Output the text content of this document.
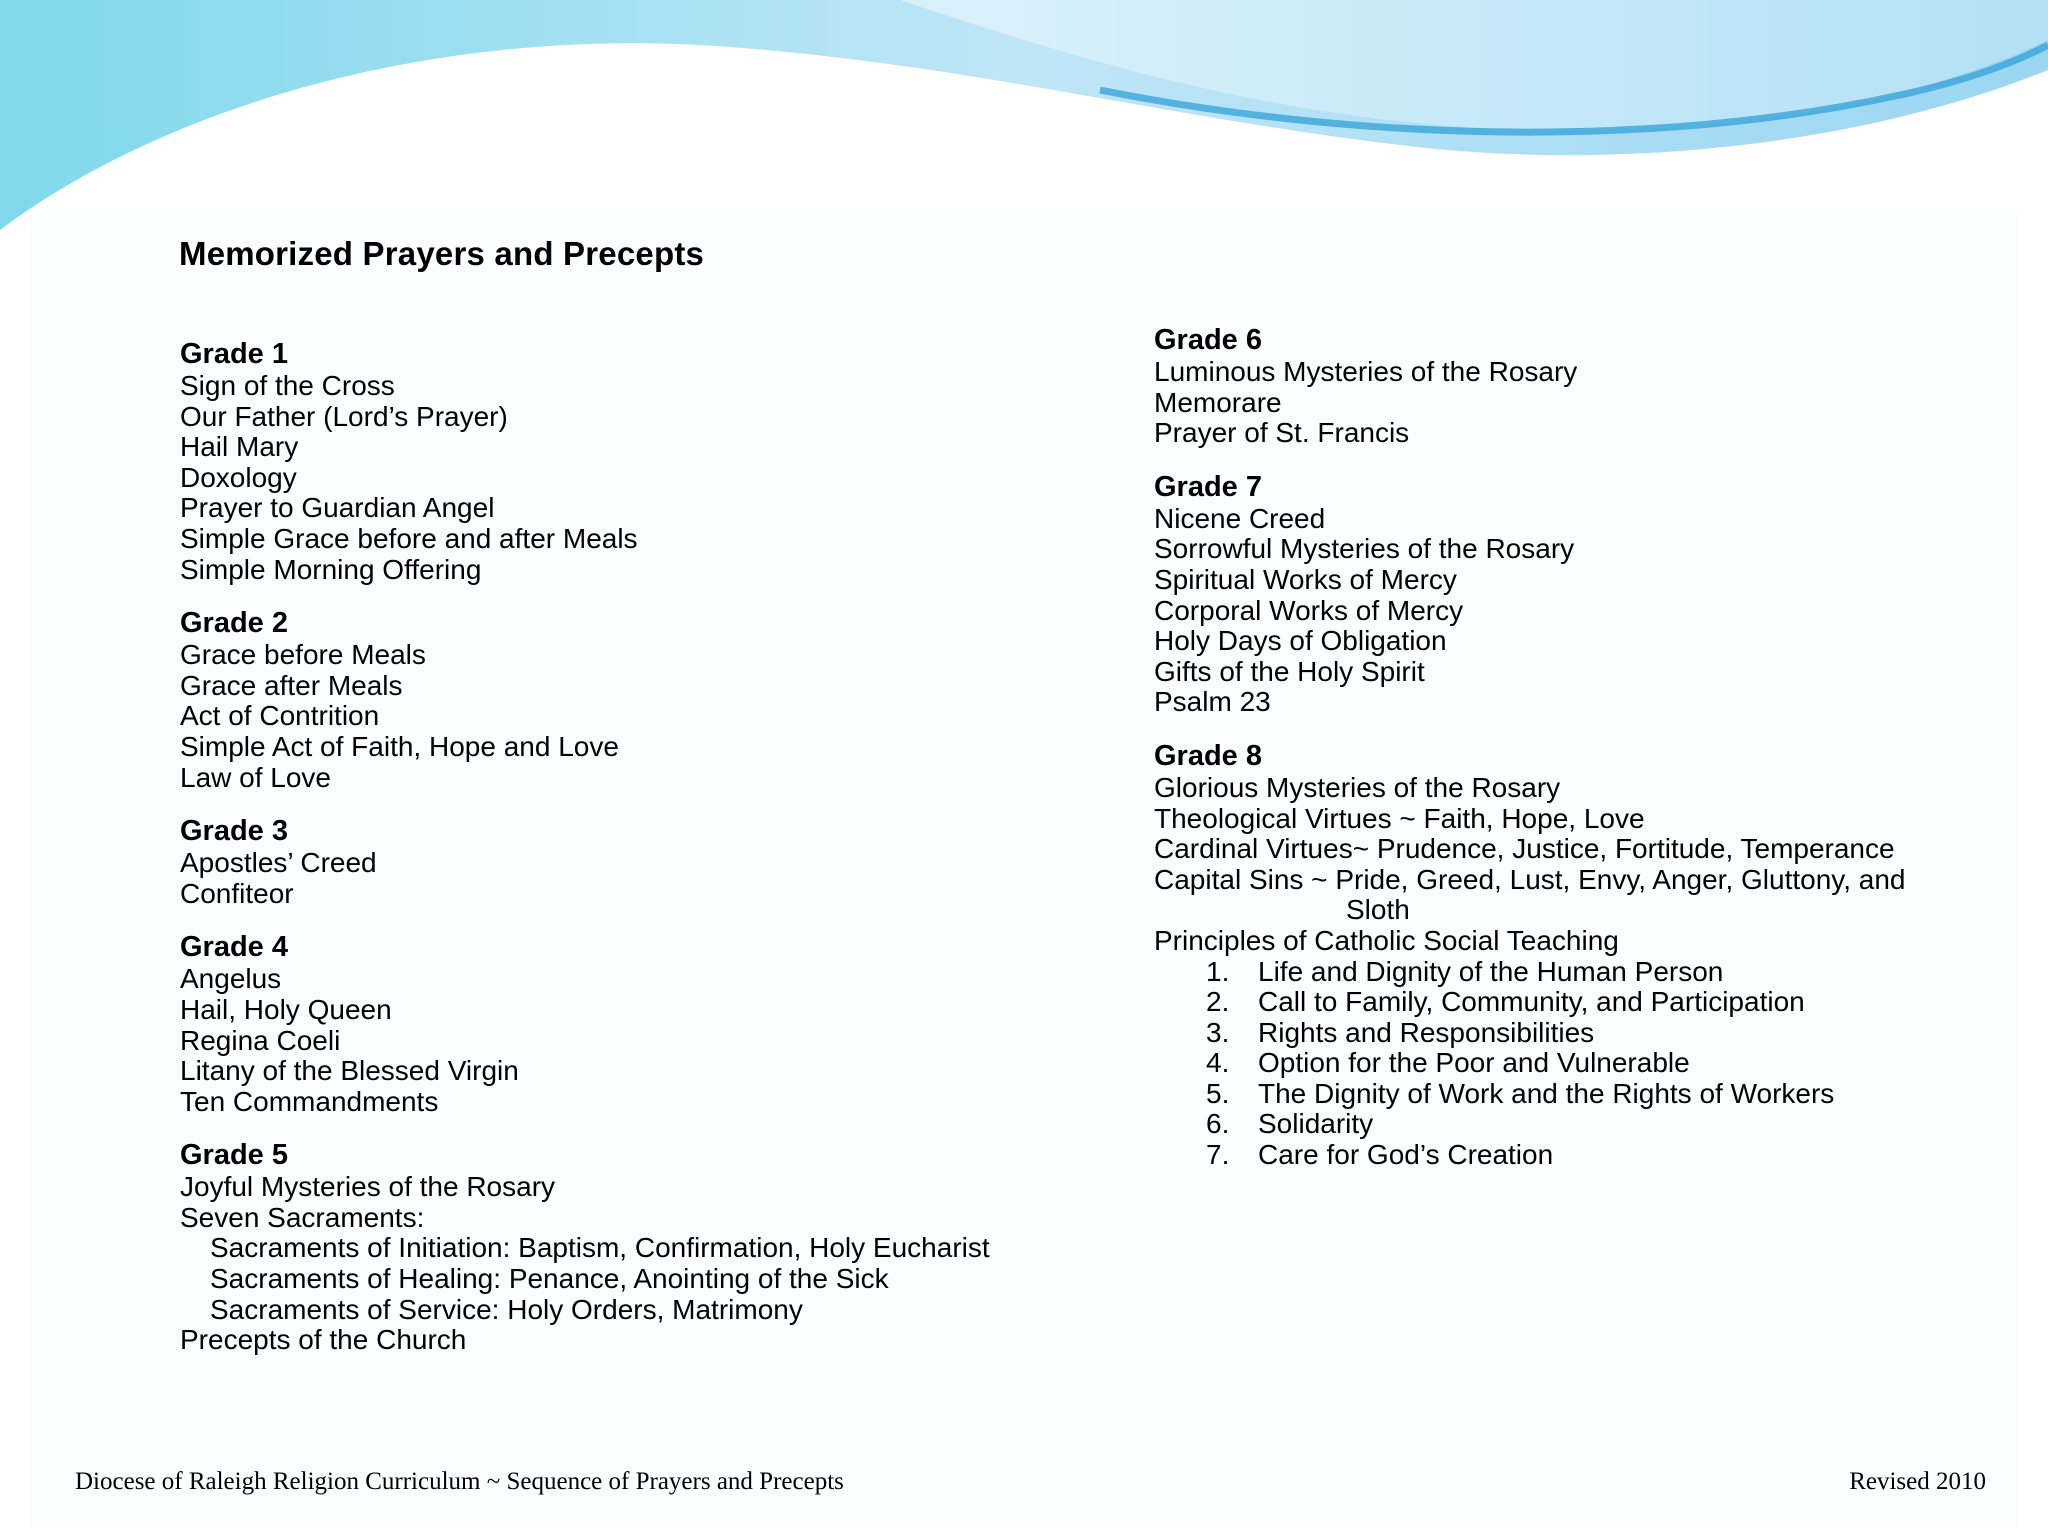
Memorized Prayers and Precepts
Grade 1
Sign of the Cross
Our Father (Lord’s Prayer)
Hail Mary
Doxology
Prayer to Guardian Angel
Simple Grace before and after Meals
Simple Morning Offering
Grade 2
Grace before Meals
Grace after Meals
Act of Contrition
Simple Act of Faith, Hope and Love
Law of Love
Grade 3
Apostles’ Creed
Confiteor
Grade 4
Angelus
Hail, Holy Queen
Regina Coeli
Litany of the Blessed Virgin
Ten Commandments
Grade 5
Joyful Mysteries of the Rosary
Seven Sacraments:
Sacraments of Initiation: Baptism, Confirmation, Holy Eucharist
Sacraments of Healing: Penance, Anointing of the Sick
Sacraments of Service: Holy Orders, Matrimony
Precepts of the Church
Grade 6
Luminous Mysteries of the Rosary
Memorare
Prayer of St. Francis
Grade 7
Nicene Creed
Sorrowful Mysteries of the Rosary
Spiritual Works of Mercy
Corporal Works of Mercy
Holy Days of Obligation
Gifts of the Holy Spirit
Psalm 23
Grade 8
Glorious Mysteries of the Rosary
Theological Virtues ~ Faith, Hope, Love
Cardinal Virtues~ Prudence, Justice, Fortitude, Temperance
Capital Sins ~ Pride, Greed, Lust, Envy, Anger, Gluttony, and
Sloth
Principles of Catholic Social Teaching
1. Life and Dignity of the Human Person
2. Call to Family, Community, and Participation
3. Rights and Responsibilities
4. Option for the Poor and Vulnerable
5. The Dignity of Work and the Rights of Workers
6. Solidarity
7. Care for God’s Creation
Diocese of Raleigh Religion Curriculum ~ Sequence of Prayers and Precepts	Revised 2010
